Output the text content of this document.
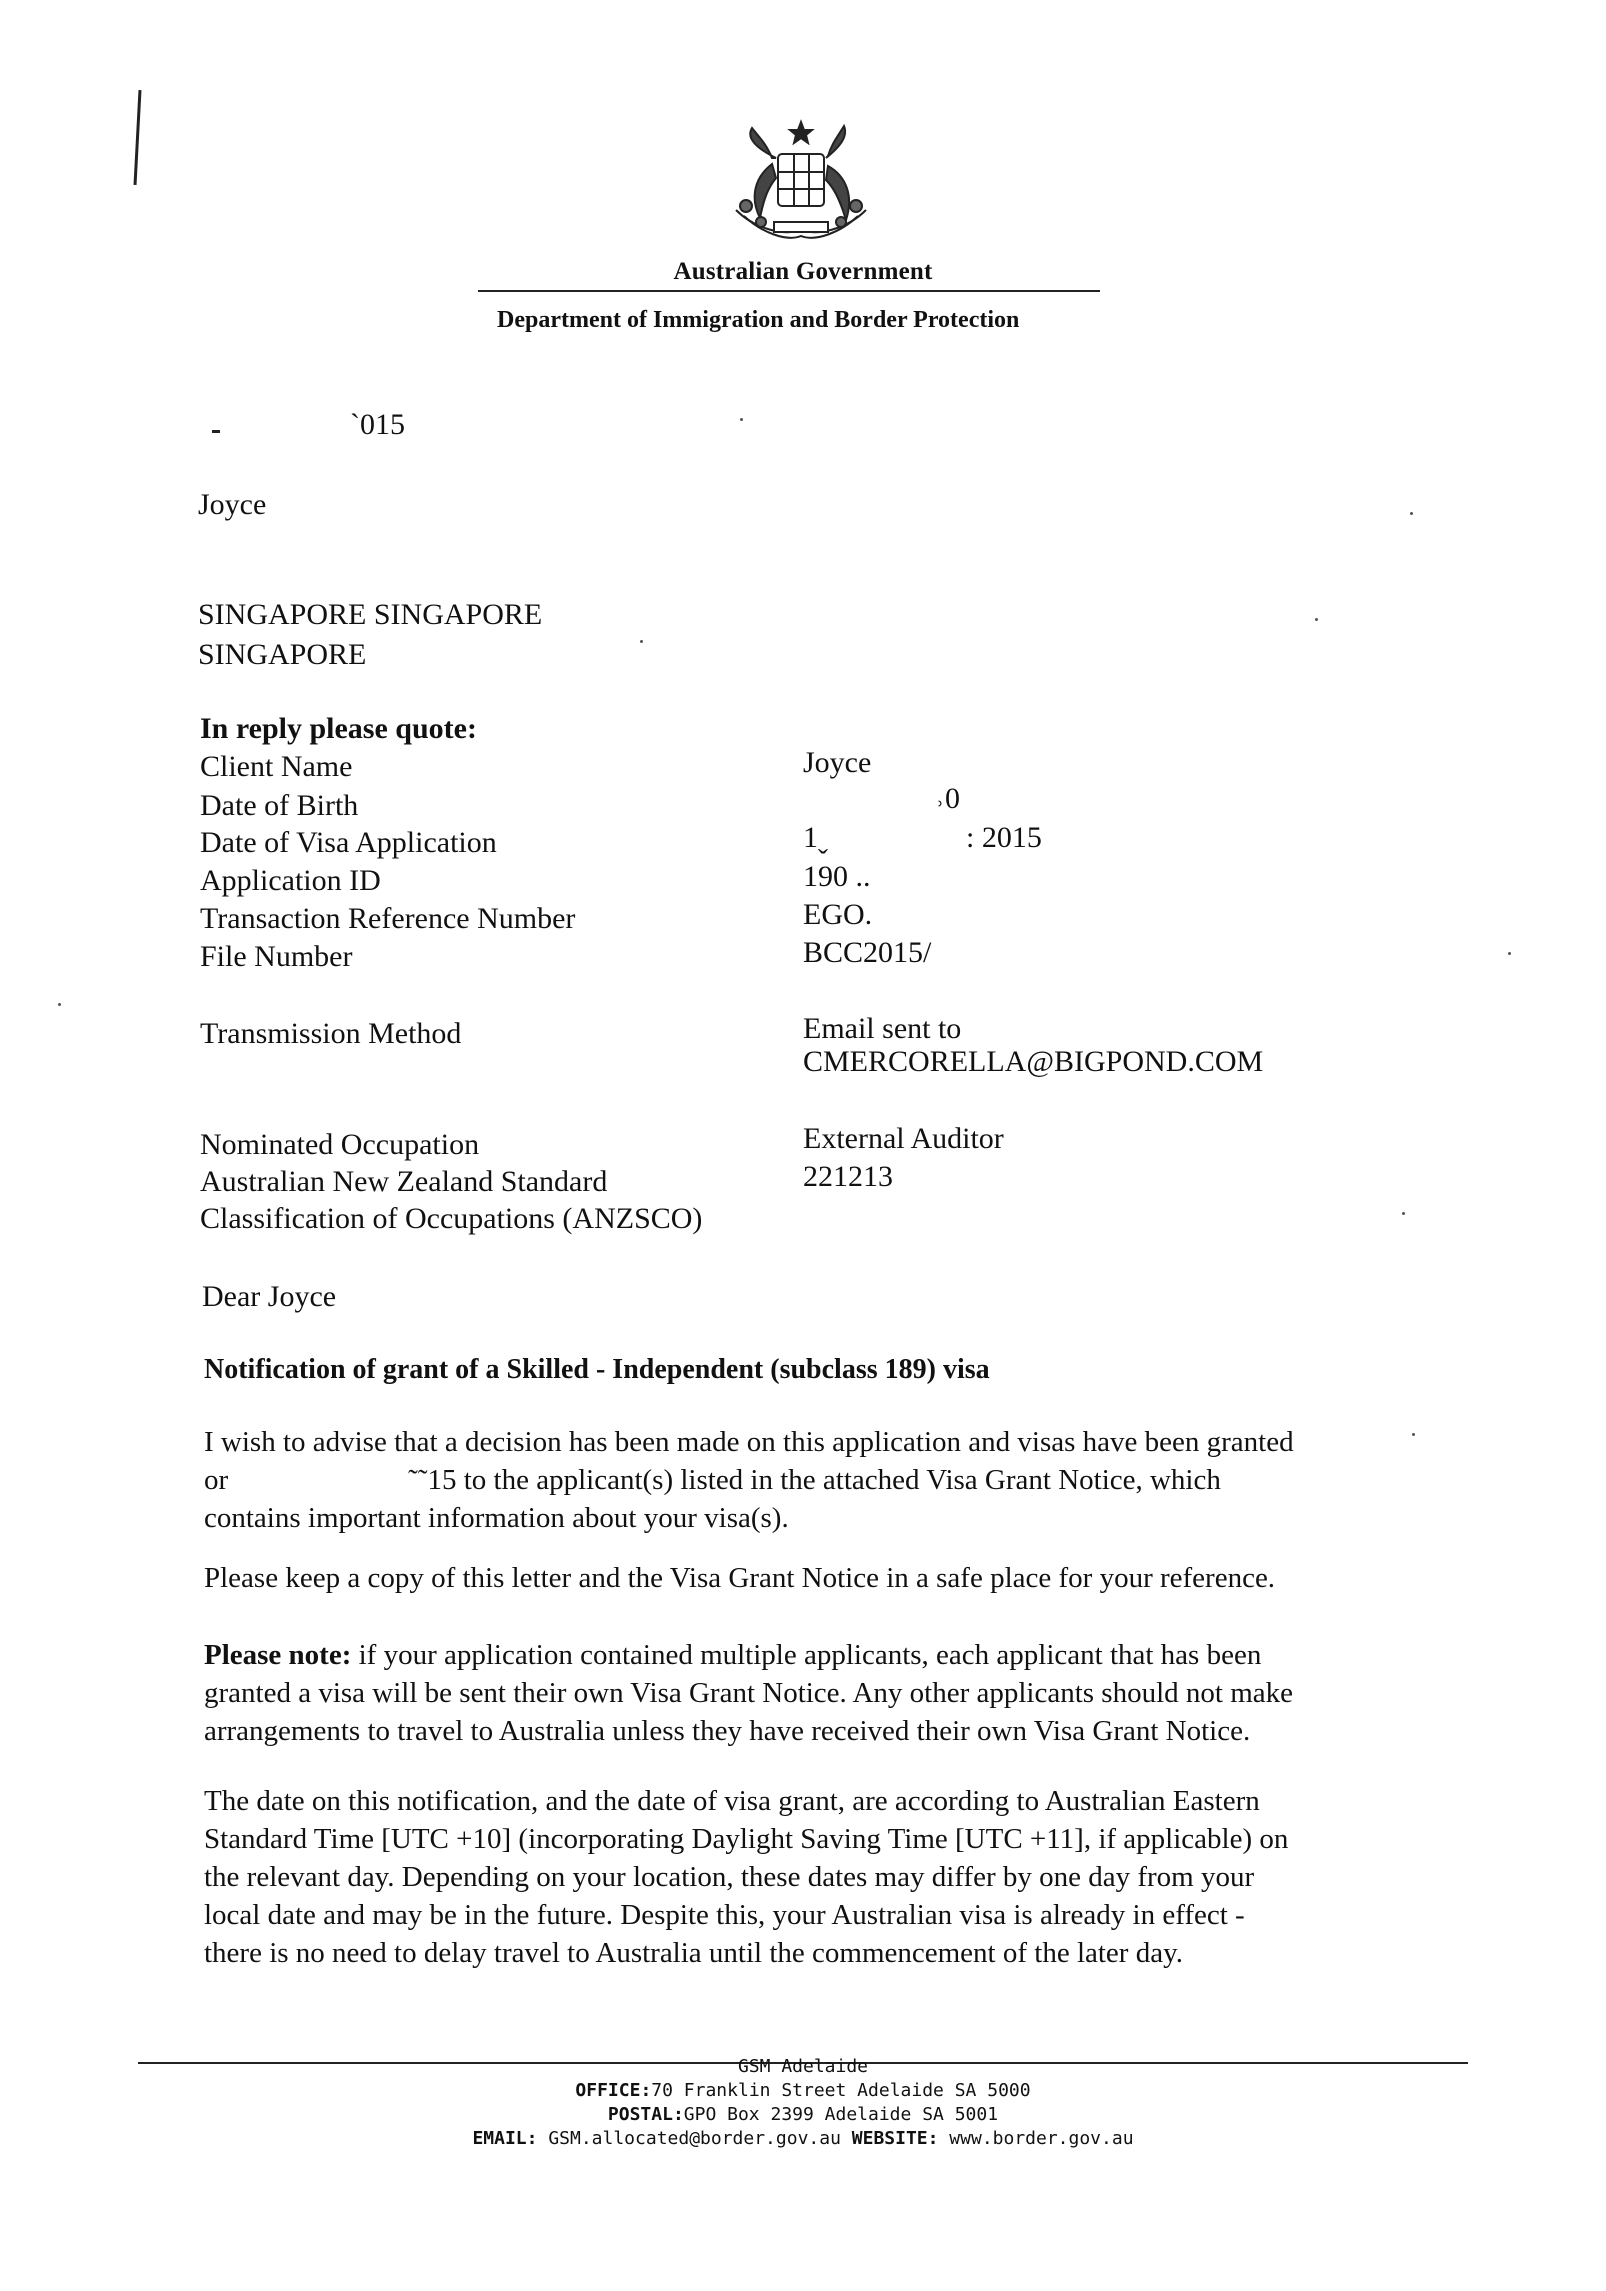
Australian Government
Department of Immigration and Border Protection
ˋ015
Joyce
SINGAPORE SINGAPORE
SINGAPORE
In reply please quote:
Client Name	Joyce
Date of Birth	˒0
Date of Visa Application	1ˬ	: 2015
Application ID	190 ..
Transaction Reference Number	EGO.
File Number	BCC2015/
Transmission Method	Email sent to
CMERCORELLA@BIGPOND.COM
Nominated Occupation	External Auditor
Australian New Zealand Standard	221213
Classification of Occupations (ANZSCO)
Dear Joyce
Notification of grant of a Skilled - Independent (subclass 189) visa
I wish to advise that a decision has been made on this application and visas have been granted
or	˜˜15 to the applicant(s) listed in the attached Visa Grant Notice, which
contains important information about your visa(s).
Please keep a copy of this letter and the Visa Grant Notice in a safe place for your reference.
Please note: if your application contained multiple applicants, each applicant that has been
granted a visa will be sent their own Visa Grant Notice. Any other applicants should not make
arrangements to travel to Australia unless they have received their own Visa Grant Notice.
The date on this notification, and the date of visa grant, are according to Australian Eastern
Standard Time [UTC +10] (incorporating Daylight Saving Time [UTC +11], if applicable) on
the relevant day. Depending on your location, these dates may differ by one day from your
local date and may be in the future. Despite this, your Australian visa is already in effect -
there is no need to delay travel to Australia until the commencement of the later day.
GSM Adelaide
OFFICE:70 Franklin Street Adelaide SA 5000
POSTAL:GPO Box 2399 Adelaide SA 5001
EMAIL: GSM.allocated@border.gov.au WEBSITE: www.border.gov.au
